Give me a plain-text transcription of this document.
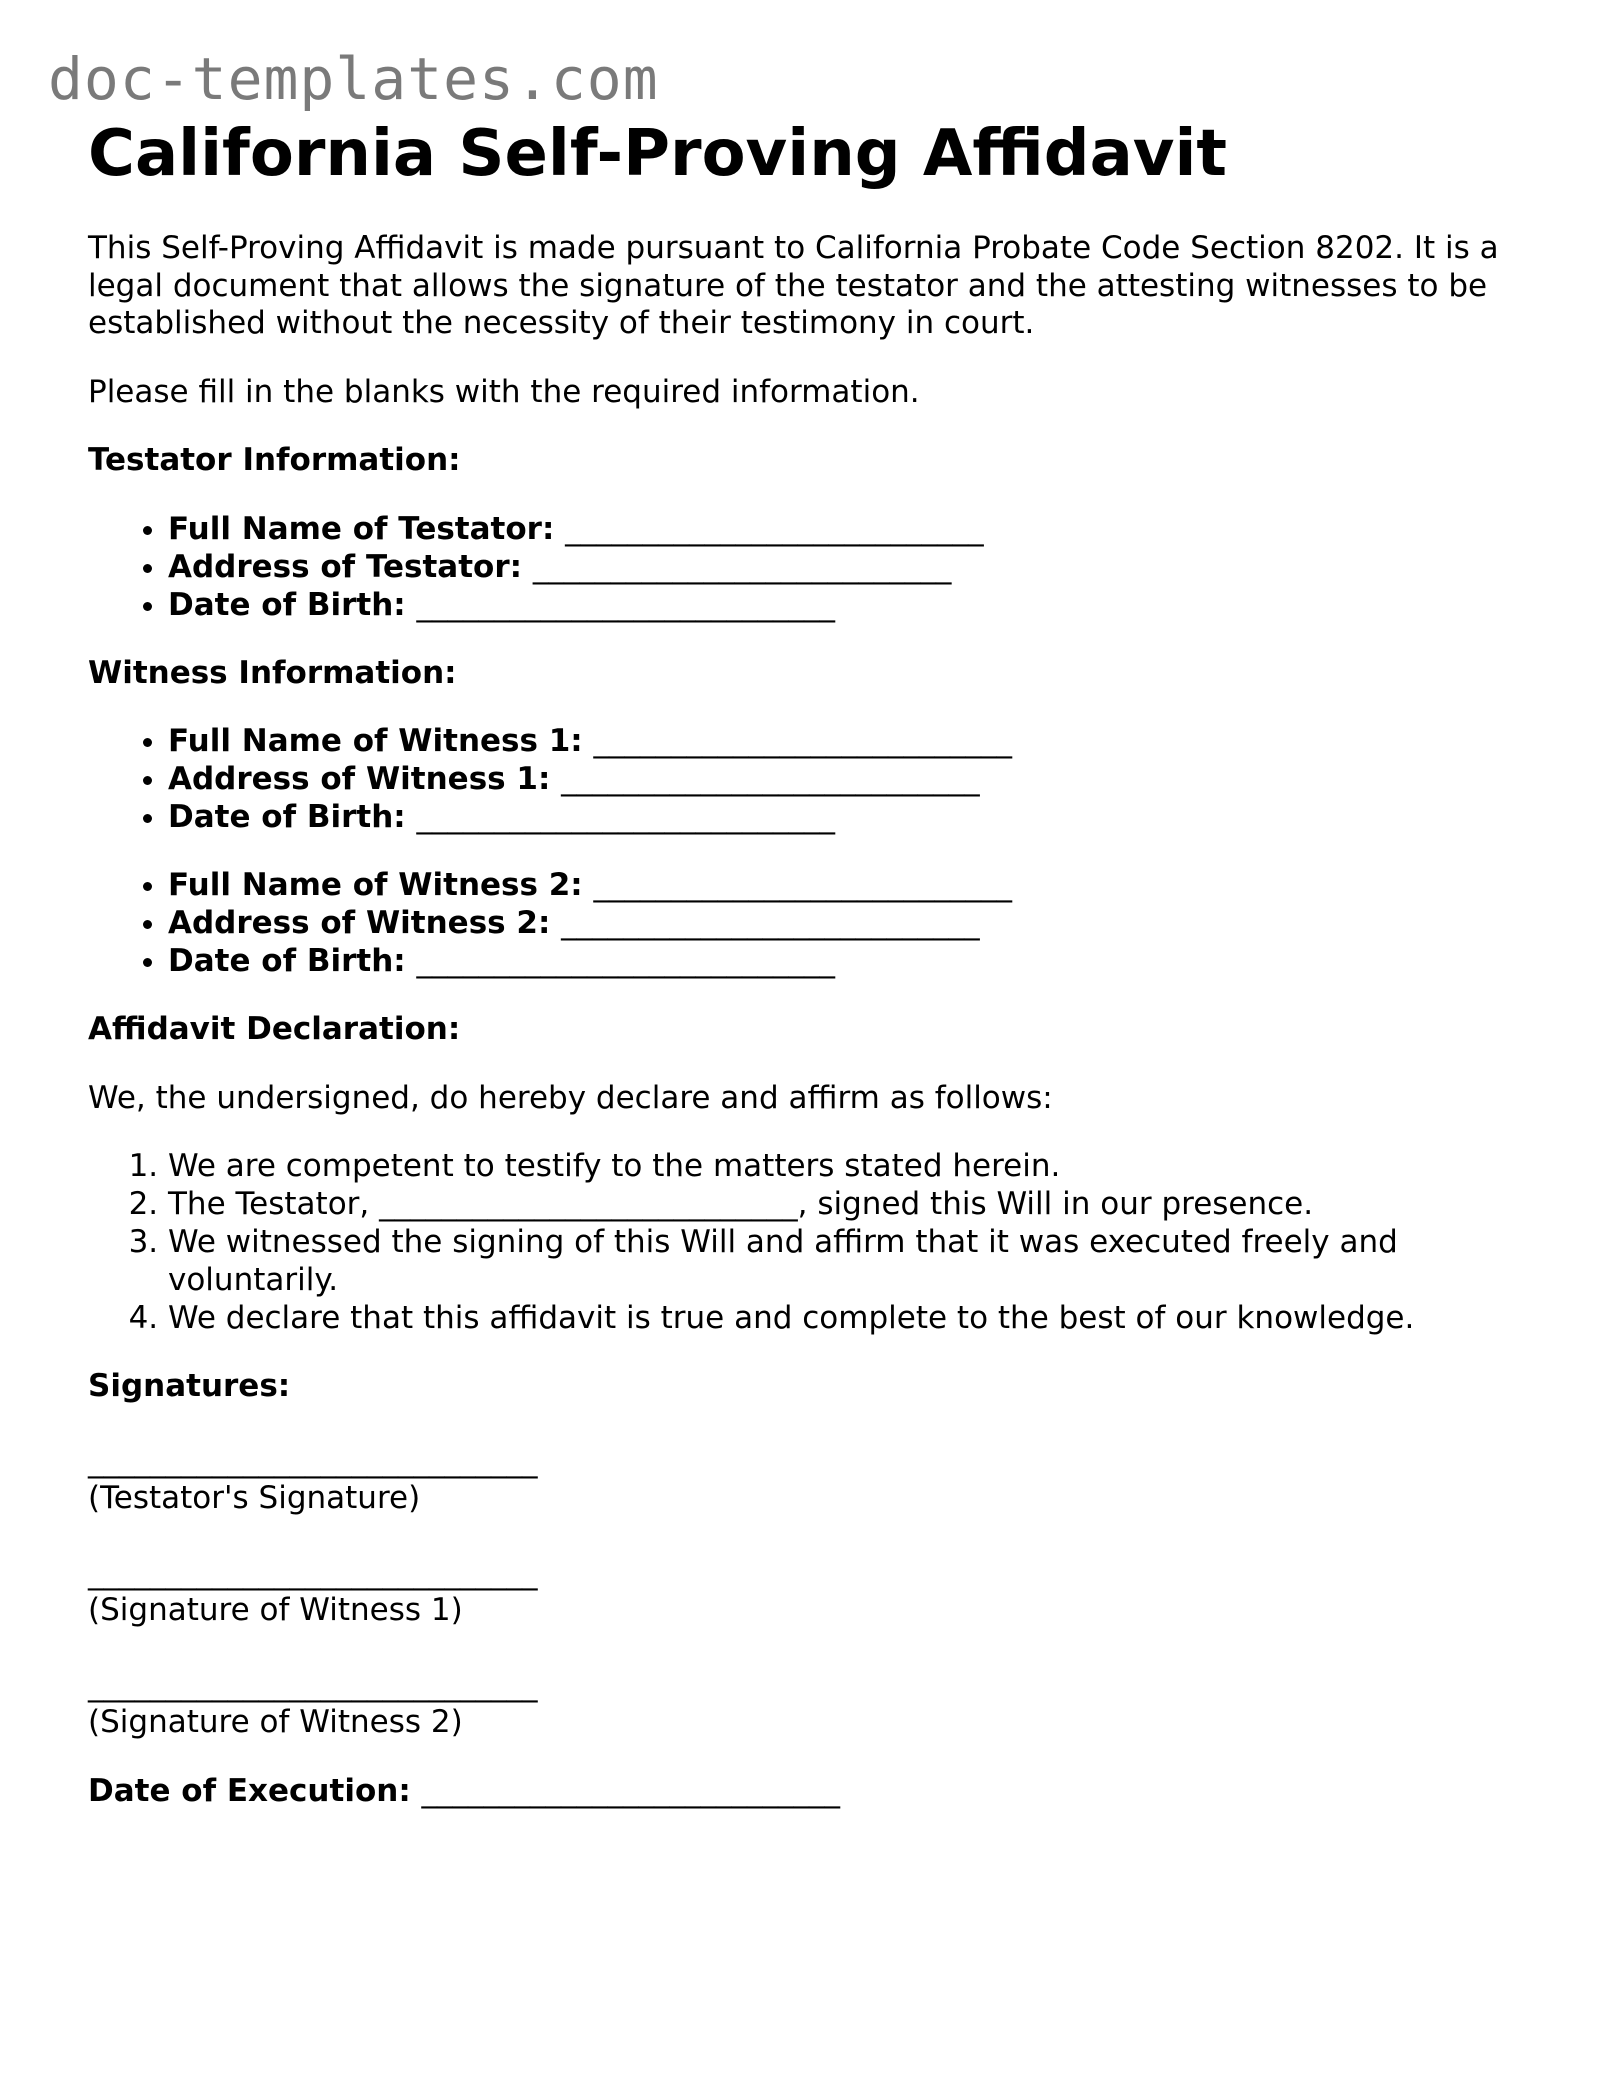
doc-templates.com
California Self-Proving Affidavit

This Self-Proving Affidavit is made pursuant to California Probate Code Section 8202. It is a legal document that allows the signature of the testator and the attesting witnesses to be established without the necessity of their testimony in court.

Please fill in the blanks with the required information.

Testator Information:

• Full Name of Testator: ___________________________
• Address of Testator: ___________________________
• Date of Birth: ___________________________

Witness Information:

• Full Name of Witness 1: ___________________________
• Address of Witness 1: ___________________________
• Date of Birth: ___________________________
• Full Name of Witness 2: ___________________________
• Address of Witness 2: ___________________________
• Date of Birth: ___________________________

Affidavit Declaration:

We, the undersigned, do hereby declare and affirm as follows:

1. We are competent to testify to the matters stated herein.
2. The Testator, ___________________________, signed this Will in our presence.
3. We witnessed the signing of this Will and affirm that it was executed freely and voluntarily.
4. We declare that this affidavit is true and complete to the best of our knowledge.

Signatures:

_____________________________
(Testator's Signature)
_____________________________
(Signature of Witness 1)
_____________________________
(Signature of Witness 2)

Date of Execution: ___________________________
